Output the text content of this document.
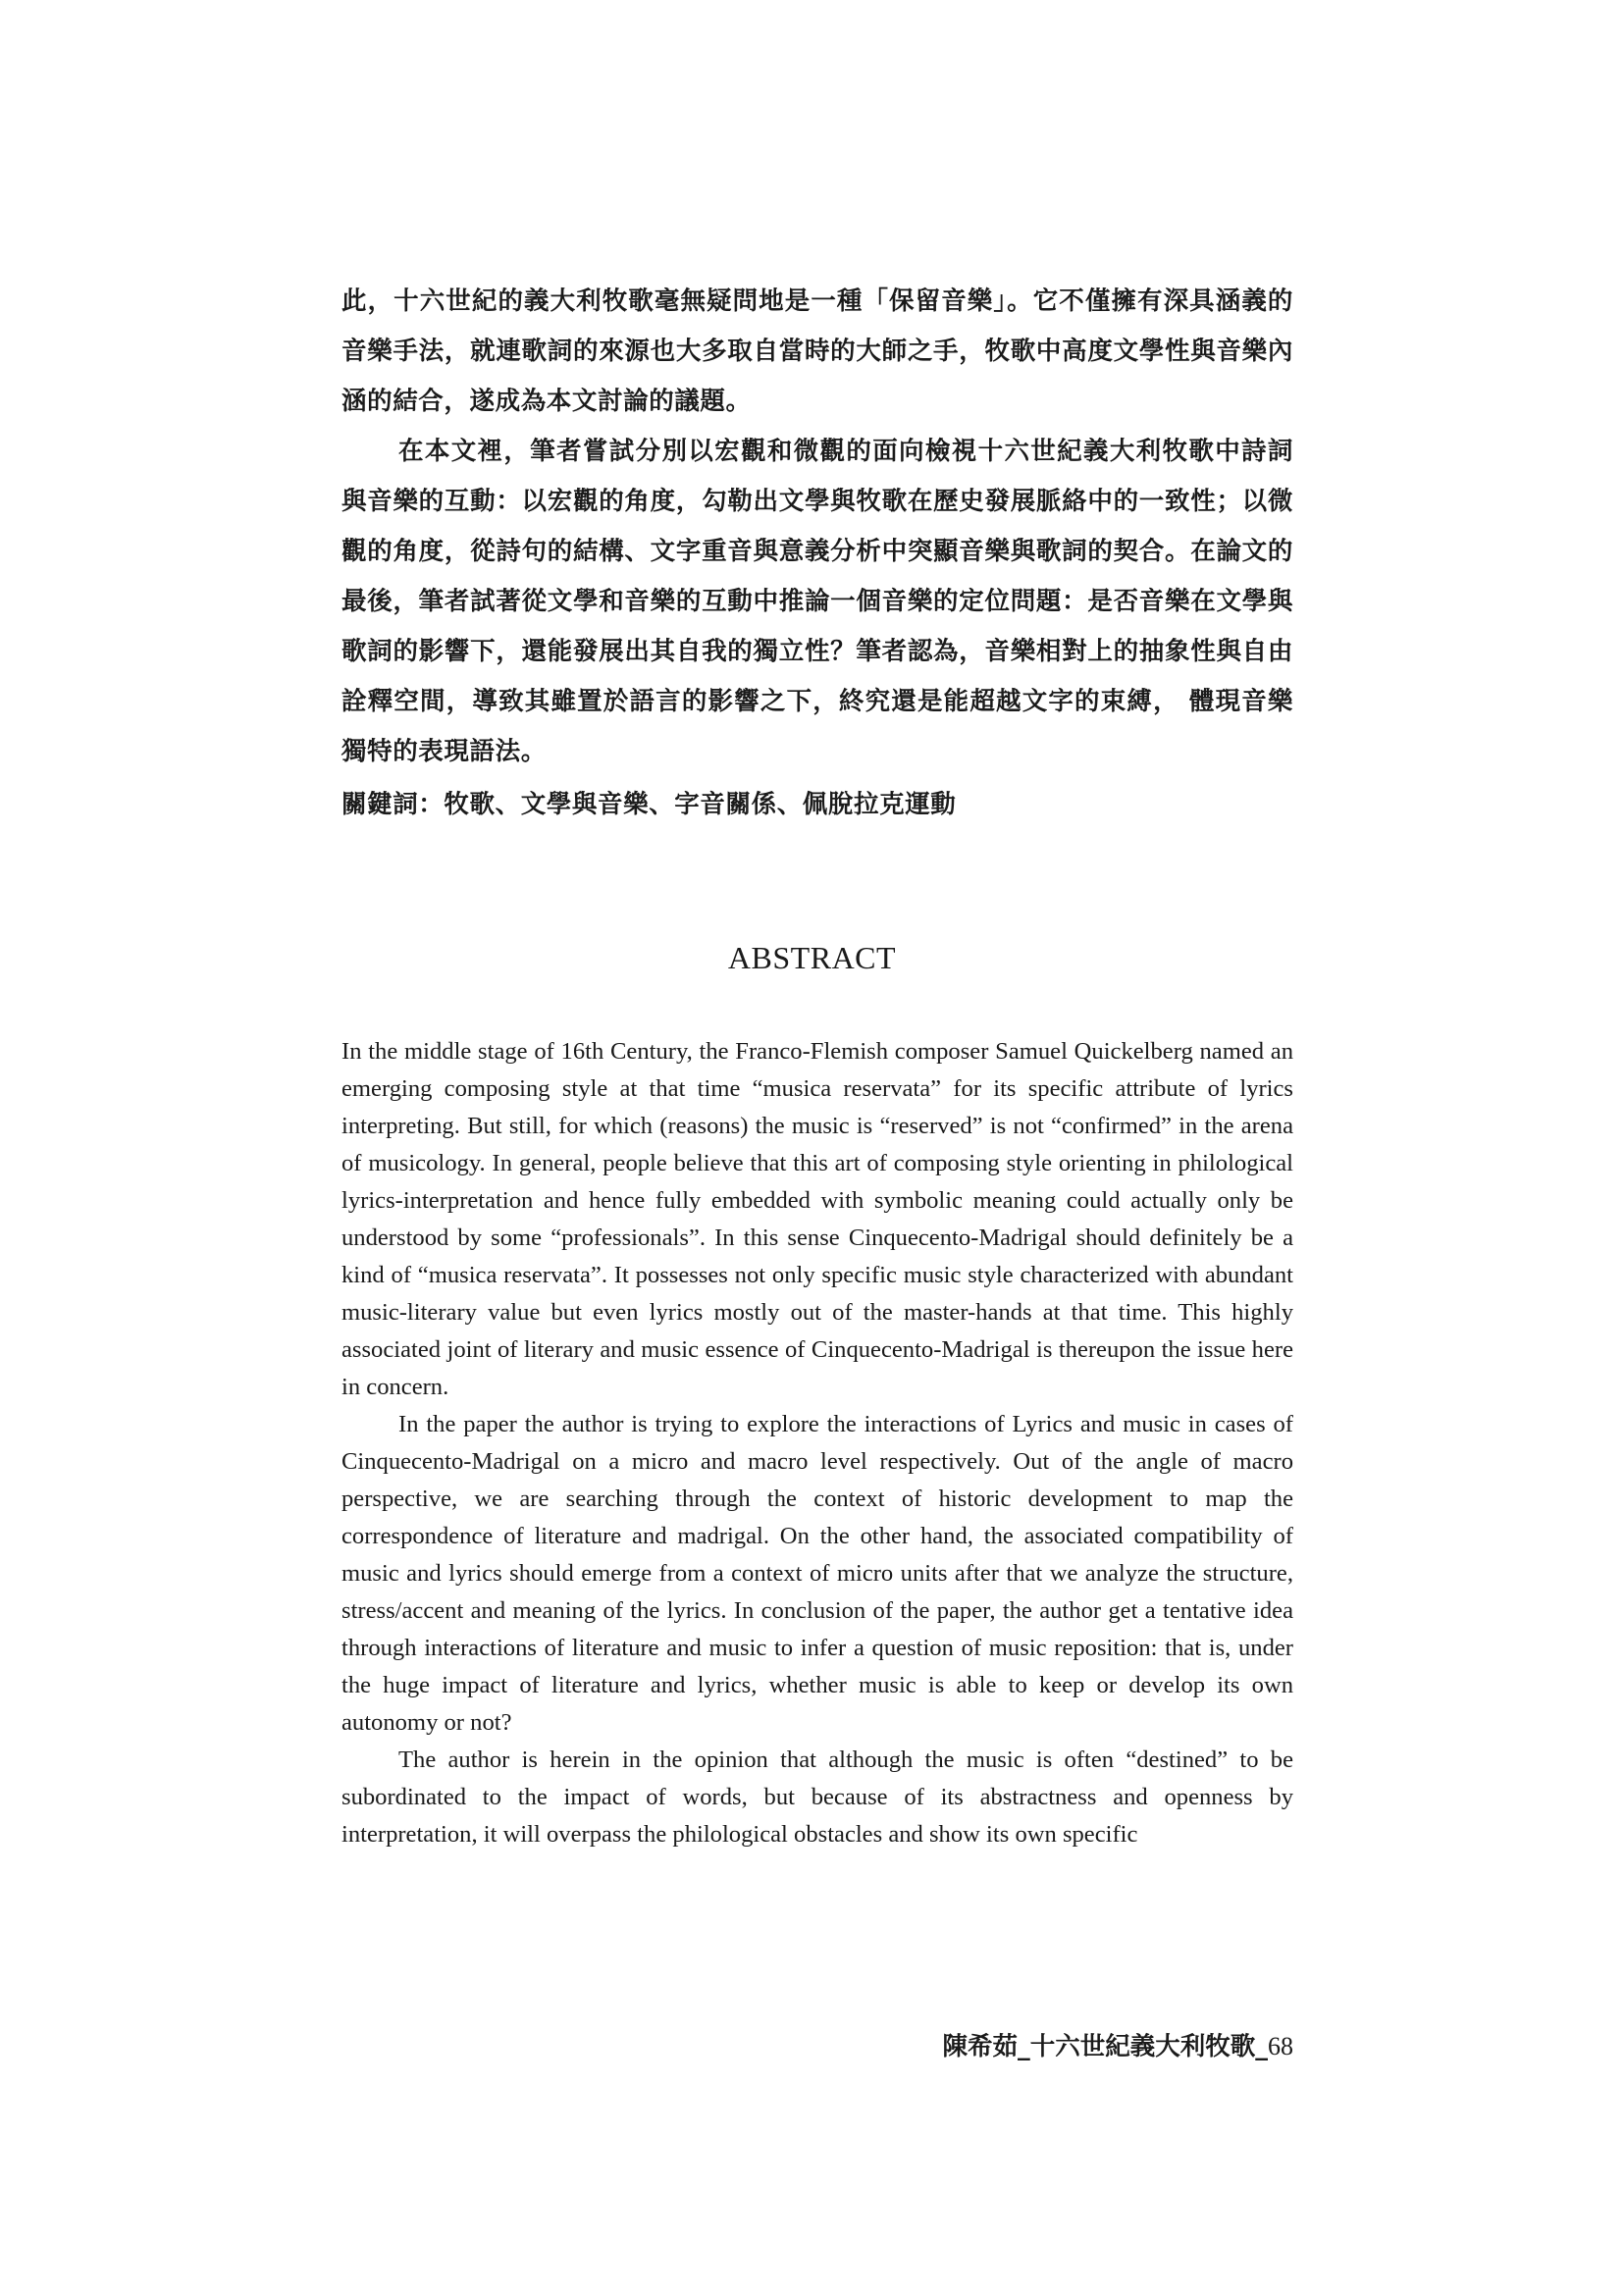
此，十六世紀的義大利牧歌毫無疑問地是一種「保留音樂」。它不僅擁有深具涵義的音樂手法，就連歌詞的來源也大多取自當時的大師之手，牧歌中高度文學性與音樂內涵的結合，遂成為本文討論的議題。

在本文裡，筆者嘗試分別以宏觀和微觀的面向檢視十六世紀義大利牧歌中詩詞與音樂的互動：以宏觀的角度，勾勒出文學與牧歌在歷史發展脈絡中的一致性；以微觀的角度，從詩句的結構、文字重音與意義分析中突顯音樂與歌詞的契合。在論文的最後，筆者試著從文學和音樂的互動中推論一個音樂的定位問題：是否音樂在文學與歌詞的影響下，還能發展出其自我的獨立性？筆者認為，音樂相對上的抽象性與自由詮釋空間，導致其雖置於語言的影響之下，終究還是能超越文字的束縛， 體現音樂獨特的表現語法。

關鍵詞：牧歌、文學與音樂、字音關係、佩脫拉克運動
ABSTRACT

In the middle stage of 16th Century, the Franco-Flemish composer Samuel Quickelberg named an emerging composing style at that time “musica reservata” for its specific attribute of lyrics interpreting. But still, for which (reasons) the music is “reserved” is not “confirmed” in the arena of musicology. In general, people believe that this art of composing style orienting in philological lyrics-interpretation and hence fully embedded with symbolic meaning could actually only be understood by some “professionals”. In this sense Cinquecento-Madrigal should definitely be a kind of “musica reservata”. It possesses not only specific music style characterized with abundant music-literary value but even lyrics mostly out of the master-hands at that time. This highly associated joint of literary and music essence of Cinquecento-Madrigal is thereupon the issue here in concern.

In the paper the author is trying to explore the interactions of Lyrics and music in cases of Cinquecento-Madrigal on a micro and macro level respectively. Out of the angle of macro perspective, we are searching through the context of historic development to map the correspondence of literature and madrigal. On the other hand, the associated compatibility of music and lyrics should emerge from a context of micro units after that we analyze the structure, stress/accent and meaning of the lyrics. In conclusion of the paper, the author get a tentative idea through interactions of literature and music to infer a question of music reposition: that is, under the huge impact of literature and lyrics, whether music is able to keep or develop its own autonomy or not?

The author is herein in the opinion that although the music is often “destined” to be subordinated to the impact of words, but because of its abstractness and openness by interpretation, it will overpass the philological obstacles and show its own specific

陳希茹_十六世紀義大利牧歌_68
